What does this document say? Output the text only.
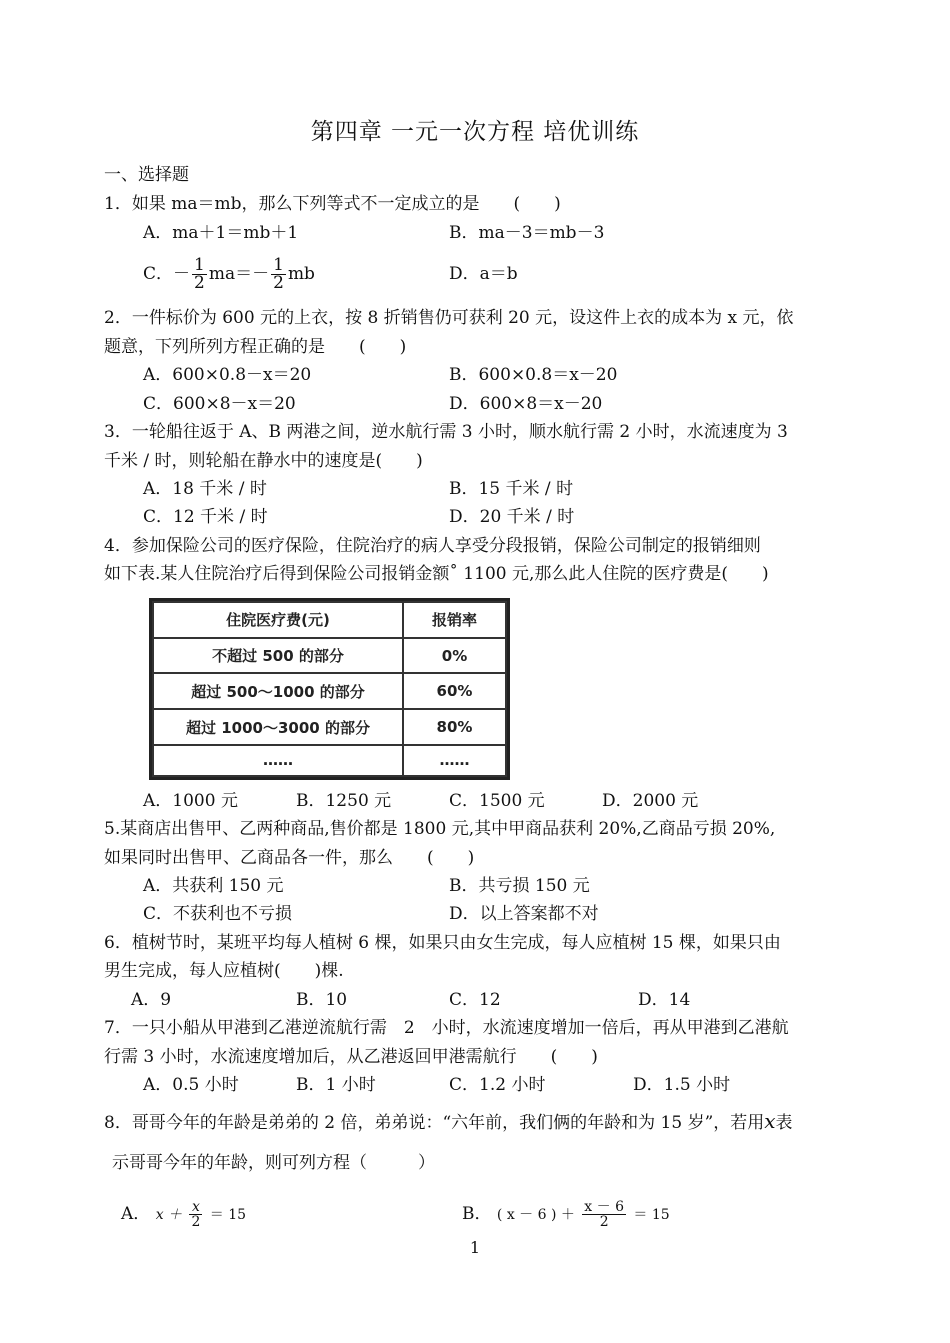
第四章 一元一次方程 培优训练
一、选择题
1．如果 ma＝mb，那么下列等式不一定成立的是　　(　　)
A．ma＋1＝mb＋1	B．ma－3＝mb－3
C．－ $\frac{1}{2} ma=- \frac{1}{2}$ mb	D．a＝b
2．一件标价为 600 元的上衣，按 8 折销售仍可获利 20 元，设这件上衣的成本为 x 元，依
题意，下列所列方程正确的是　　(　　)
A．600×0.8－x＝20	B．600×0.8＝x－20
C．600×8－x＝20	D．600×8＝x－20
3．一轮船往返于 A、B 两港之间，逆水航行需 3 小时，顺水航行需 2 小时，水流速度为 3
千米 / 时，则轮船在静水中的速度是(　　)
A．18 千米 / 时	B．15 千米 / 时
C．12 千米 / 时	D．20 千米 / 时
4．参加保险公司的医疗保险，住院治疗的病人享受分段报销，保险公司制定的报销细则
如下表.某人住院治疗后得到保险公司报销金额˚ 1100 元,那么此人住院的医疗费是(　　)
住院医疗费(元)	报销率
不超过 500 的部分	0%
超过 500～1000 的部分	60%
超过 1000～3000 的部分	80%
……	……
A．1000 元	B．1250 元	C．1500 元	D．2000 元
5.某商店出售甲、乙两种商品,售价都是 1800 元,其中甲商品获利 20%,乙商品亏损 20%,
如果同时出售甲、乙商品各一件，那么　　(　　)
A．共获利 150 元	B．共亏损 150 元
C．不获利也不亏损	D．以上答案都不对
6．植树节时，某班平均每人植树 6 棵，如果只由女生完成，每人应植树 15 棵，如果只由
男生完成，每人应植树(　　)棵.
A．9	B．10	C．12	D．14
7．一只小船从甲港到乙港逆流航行需　2　小时，水流速度增加一倍后，再从甲港到乙港航
行需 3 小时，水流速度增加后，从乙港返回甲港需航行　　(　　)
A．0.5 小时	B．1 小时	C．1.2 小时	D．1.5 小时
8．哥哥今年的年龄是弟弟的 2 倍，弟弟说：“六年前，我们俩的年龄和为 15 岁”，若用x表
示哥哥今年的年龄，则可列方程（　　　）
A． $x + \frac{x}{2} = 15$	B． ( x － 6 ) ＋ $\frac{x - 6}{2} = 15$
1
